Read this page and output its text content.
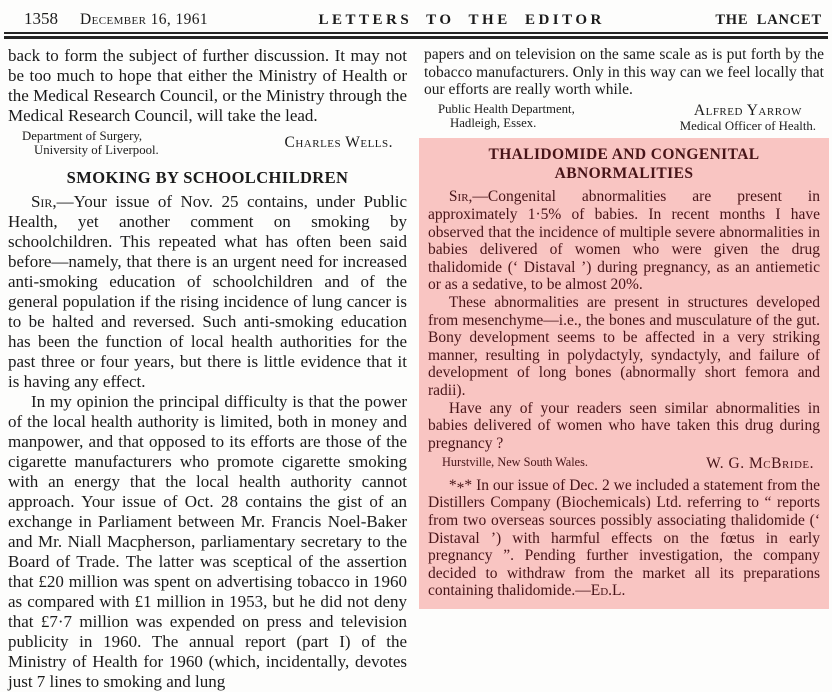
1358 December 16, 1961	LETTERS TO THE EDITOR	THE LANCET

back to form the subject of further discussion. It may not be too much to hope that either the Ministry of Health or the Medical Research Council, or the Ministry through the Medical Research Council, will take the lead.

Department of Surgery,
University of Liverpool.	Charles Wells.
SMOKING BY SCHOOLCHILDREN

Sir,—Your issue of Nov. 25 contains, under Public Health, yet another comment on smoking by schoolchildren. This repeated what has often been said before—namely, that there is an urgent need for increased anti-smoking education of schoolchildren and of the general population if the rising incidence of lung cancer is to be halted and reversed. Such anti-smoking education has been the function of local health authorities for the past three or four years, but there is little evidence that it is having any effect.

In my opinion the principal difficulty is that the power of the local health authority is limited, both in money and manpower, and that opposed to its efforts are those of the cigarette manufacturers who promote cigarette smoking with an energy that the local health authority cannot approach. Your issue of Oct. 28 contains the gist of an exchange in Parliament between Mr. Francis Noel-Baker and Mr. Niall Macpherson, parliamentary secretary to the Board of Trade. The latter was sceptical of the assertion that £20 million was spent on advertising tobacco in 1960 as compared with £1 million in 1953, but he did not deny that £7·7 million was expended on press and television publicity in 1960. The annual report (part I) of the Ministry of Health for 1960 (which, incidentally, devotes just 7 lines to smoking and lung

papers and on television on the same scale as is put forth by the tobacco manufacturers. Only in this way can we feel locally that our efforts are really worth while.

Public Health Department,
Hadleigh, Essex.
Alfred Yarrow
Medical Officer of Health.
THALIDOMIDE AND CONGENITAL
ABNORMALITIES

Sir,—Congenital abnormalities are present in approximately 1·5% of babies. In recent months I have observed that the incidence of multiple severe abnormalities in babies delivered of women who were given the drug thalidomide (‘ Distaval ’) during pregnancy, as an antiemetic or as a sedative, to be almost 20%.

These abnormalities are present in structures developed from mesenchyme—i.e., the bones and musculature of the gut. Bony development seems to be affected in a very striking manner, resulting in polydactyly, syndactyly, and failure of development of long bones (abnormally short femora and radii).

Have any of your readers seen similar abnormalities in babies delivered of women who have taken this drug during pregnancy ?

Hurstville, New South Wales.	W. G. McBride.

*** In our issue of Dec. 2 we included a statement from the Distillers Company (Biochemicals) Ltd. referring to “ reports from two overseas sources possibly associating thalidomide (‘ Distaval ’) with harmful effects on the fœtus in early pregnancy ”. Pending further investigation, the company decided to withdraw from the market all its preparations containing thalidomide.—Ed.L.
